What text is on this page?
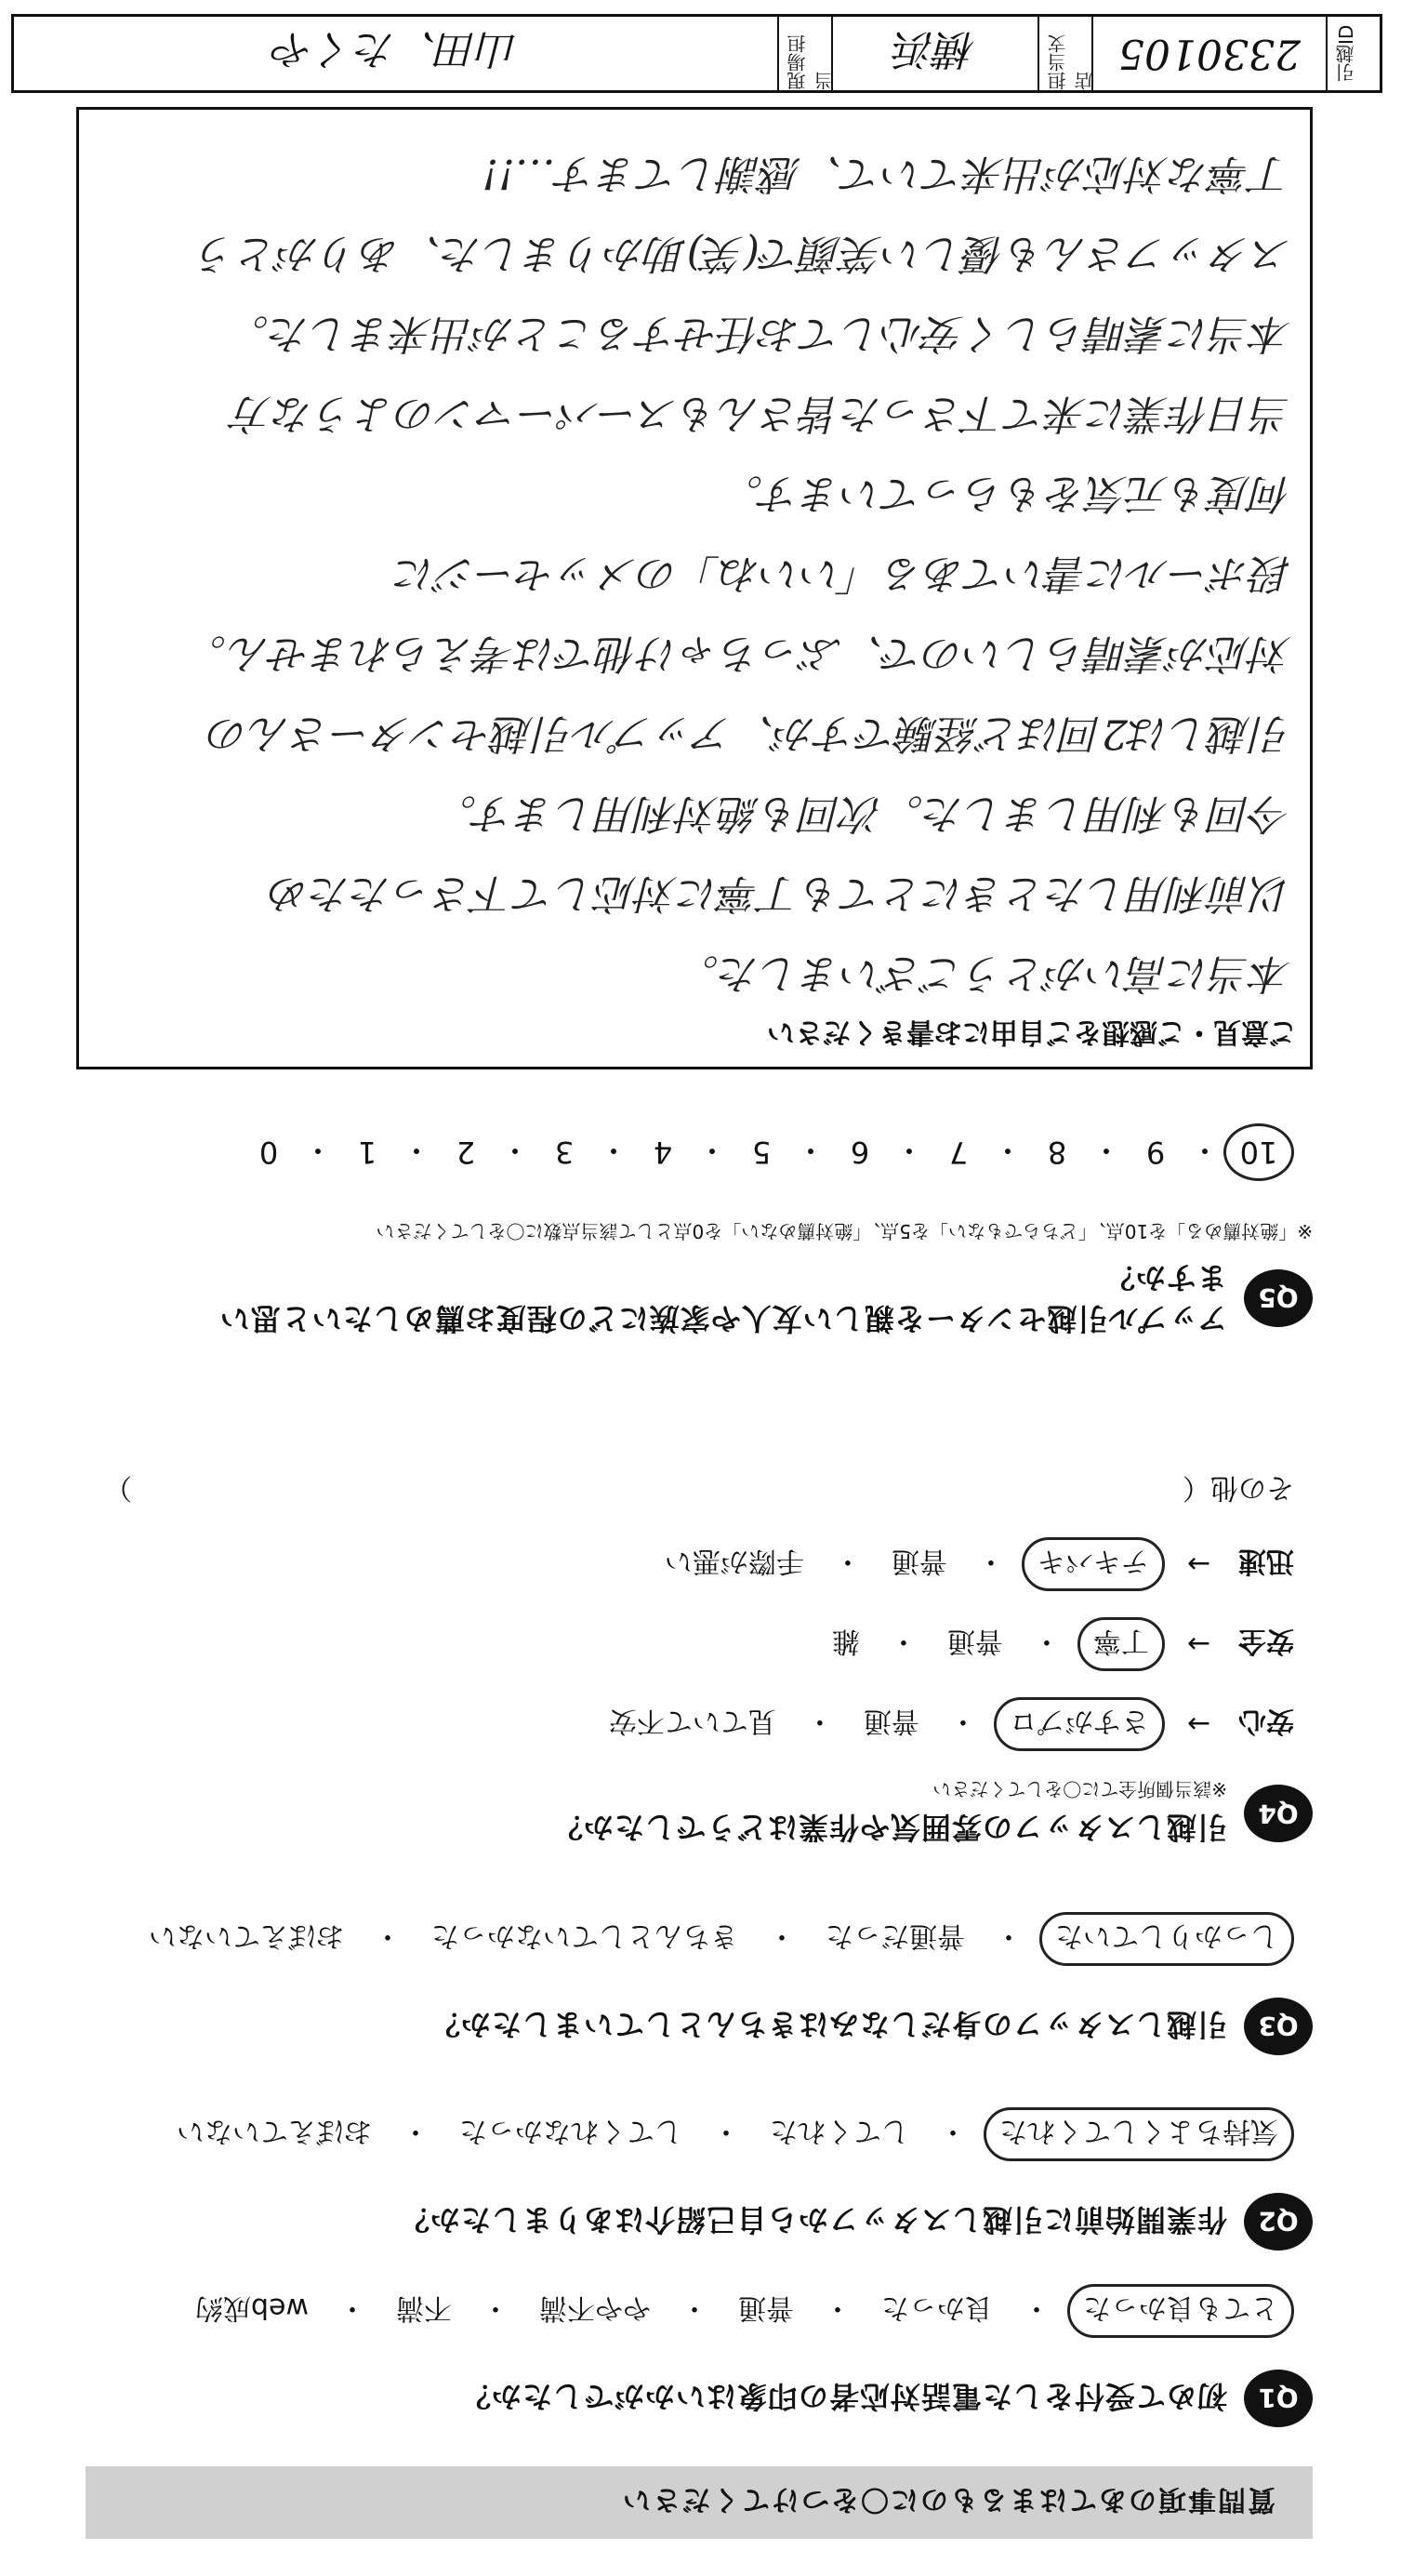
質問事項のあてはまるものに〇をつけてください
Q1
初めて受付をした電話対応者の印象はいかがでしたか？
とても良かった
・
良かった
・
普通
・
やや不満
・
不満
・
web成約
Q2
作業開始前に引越しスタッフから自己紹介はありましたか？
気持ちよくしてくれた
・
してくれた
・
してくれなかった
・
おぼえていない
Q3
引越しスタッフの身だしなみはきちんとしていましたか？
しっかりしていた
・
普通だった
・
きちんとしていなかった
・
おぼえていない
Q4
引越しスタッフの雰囲気や作業はどうでしたか？
※該当個所全てに〇をしてください
安心
→
さすがプロ
・
普通
・
見ていて不安
安全
→
丁寧
・
普通
・
雑
迅速
→
テキパキ
・
普通
・
手際が悪い
その他（
）
Q5
アップル引越センターを親しい友人や家族にどの程度お薦めしたいと思いますか？
※「絶対薦める」を10点、「どちらでもない」を5点、「絶対薦めない」を0点として該当点数に〇をしてください
10
・
9
・
8
・
7
・
6
・
5
・
4
・
3
・
2
・
1
・
0
ご意見・ご感想をご自由にお書きください
本当に高いがとうございました。
以前利用したときにとても丁寧に対応して下さったため
今回も利用しました。次回も絶対利用します。
引越しは2回ほど経験ですが、アップル引越センターさんの
対応が素晴らしいので、ぶっちゃけ他では考えられません。
段ボールに書いてある「いいね」のメッセージに
何度も元気をもらっています。
当日作業に来て下さった皆さんもスーパーマンのような方
本当に素晴らしく安心してお任せすることが出来ました。
スタッフさんも優しい笑顔で(笑)助かりました、ありがとう
丁寧な対応が出来ていて、感謝してます…!!
引越ID
2330105
担当支店
横浜
現場担当
山田、たくや
